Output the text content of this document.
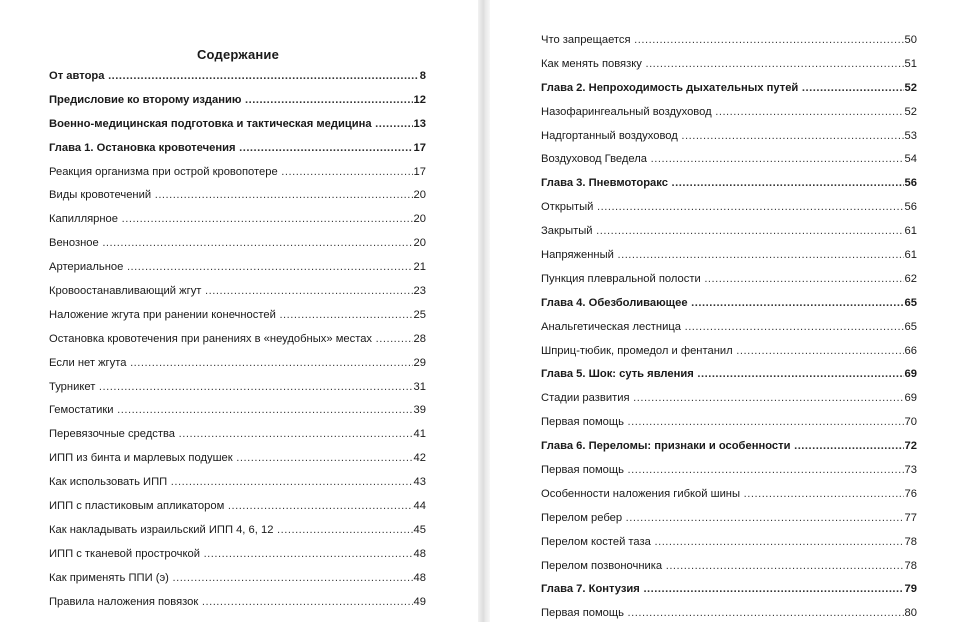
Содержание
От автора .....	8
Предисловие ко второму изданию .....	12
Военно-медицинская подготовка и тактическая медицина .....	13
Глава 1. Остановка кровотечения .....	17
Реакция организма при острой кровопотере .....	17
Виды кровотечений .....	20
Капиллярное .....	20
Венозное .....	20
Артериальное .....	21
Кровоостанавливающий жгут .....	23
Наложение жгута при ранении конечностей .....	25
Остановка кровотечения при ранениях в «неудобных» местах .....	28
Если нет жгута .....	29
Турникет .....	31
Гемостатики .....	39
Перевязочные средства .....	41
ИПП из бинта и марлевых подушек .....	42
Как использовать ИПП .....	43
ИПП с пластиковым апликатором .....	44
Как накладывать израильский ИПП 4, 6, 12 .....	45
ИПП с тканевой прострочкой .....	48
Как применять ППИ (э) .....	48
Правила наложения повязок .....	49
Что запрещается .....	50
Как менять повязку .....	51
Глава 2. Непроходимость дыхательных путей .....	52
Назофарингеальный воздуховод .....	52
Надгортанный воздуховод .....	53
Воздуховод Гведела .....	54
Глава 3. Пневмоторакс .....	56
Открытый .....	56
Закрытый .....	61
Напряженный .....	61
Пункция плевральной полости .....	62
Глава 4. Обезболивающее .....	65
Анальгетическая лестница .....	65
Шприц-тюбик, промедол и фентанил .....	66
Глава 5. Шок: суть явления .....	69
Стадии развития .....	69
Первая помощь .....	70
Глава 6. Переломы: признаки и особенности .....	72
Первая помощь .....	73
Особенности наложения гибкой шины .....	76
Перелом ребер .....	77
Перелом костей таза .....	78
Перелом позвоночника .....	78
Глава 7. Контузия .....	79
Первая помощь .....	80
